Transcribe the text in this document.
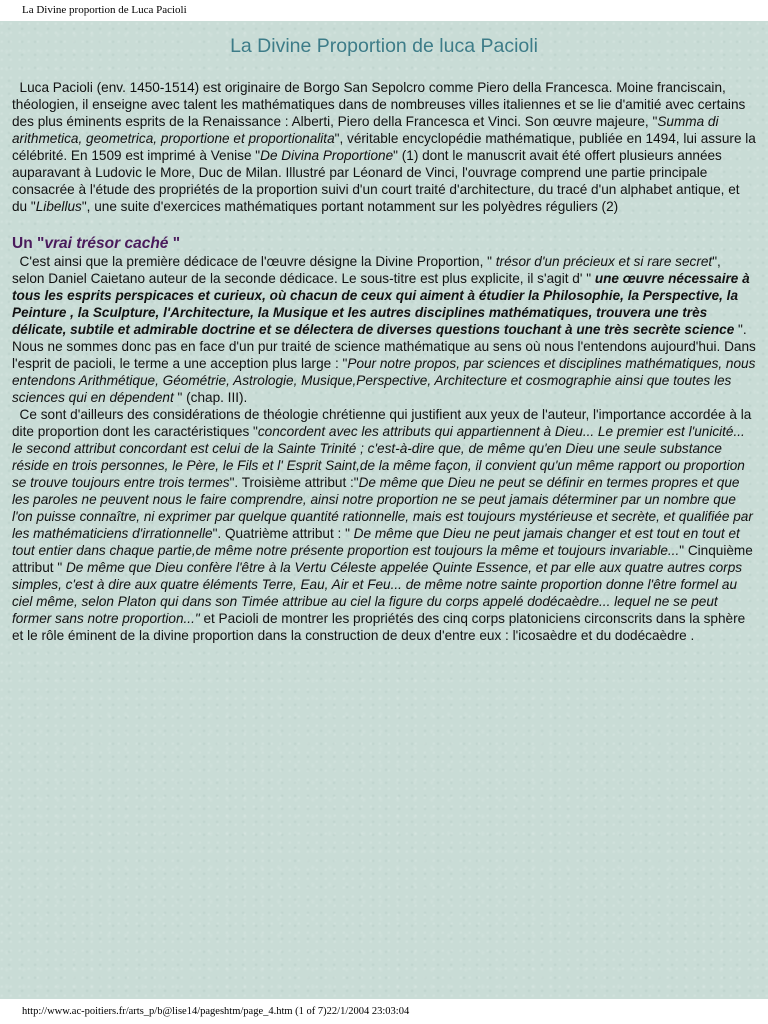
La Divine proportion de Luca Pacioli
La Divine Proportion de luca Pacioli

Luca Pacioli (env. 1450-1514) est originaire de Borgo San Sepolcro comme Piero della Francesca. Moine franciscain, théologien, il enseigne avec talent les mathématiques dans de nombreuses villes italiennes et se lie d'amitié avec certains des plus éminents esprits de la Renaissance : Alberti, Piero della Francesca et Vinci. Son œuvre majeure, "Summa di arithmetica, geometrica, proportione et proportionalita", véritable encyclopédie mathématique, publiée en 1494, lui assure la célébrité. En 1509 est imprimé à Venise "De Divina Proportione" (1) dont le manuscrit avait été offert plusieurs années auparavant à Ludovic le More, Duc de Milan. Illustré par Léonard de Vinci, l'ouvrage comprend une partie principale consacrée à l'étude des propriétés de la proportion suivi d'un court traité d'architecture, du tracé d'un alphabet antique, et du "Libellus", une suite d'exercices mathématiques portant notamment sur les polyèdres réguliers (2)

Un "vrai trésor caché "

C'est ainsi que la première dédicace de l'œuvre désigne la Divine Proportion, " trésor d'un précieux et si rare secret", selon Daniel Caietano auteur de la seconde dédicace. Le sous-titre est plus explicite, il s'agit d' " une œuvre nécessaire à tous les esprits perspicaces et curieux, où chacun de ceux qui aiment à étudier la Philosophie, la Perspective, la Peinture , la Sculpture, l'Architecture, la Musique et les autres disciplines mathématiques, trouvera une très délicate, subtile et admirable doctrine et se délectera de diverses questions touchant à une très secrète science ". Nous ne sommes donc pas en face d'un pur traité de science mathématique au sens où nous l'entendons aujourd'hui. Dans l'esprit de pacioli, le terme a une acception plus large : "Pour notre propos, par sciences et disciplines mathématiques, nous entendons Arithmétique, Géométrie, Astrologie, Musique,Perspective, Architecture et cosmographie ainsi que toutes les sciences qui en dépendent " (chap. III).

Ce sont d'ailleurs des considérations de théologie chrétienne qui justifient aux yeux de l'auteur, l'importance accordée à la dite proportion dont les caractéristiques "concordent avec les attributs qui appartiennent à Dieu... Le premier est l'unicité... le second attribut concordant est celui de la Sainte Trinité ; c'est-à-dire que, de même qu'en Dieu une seule substance réside en trois personnes, le Père, le Fils et l' Esprit Saint,de la même façon, il convient qu'un même rapport ou proportion se trouve toujours entre trois termes". Troisième attribut :"De même que Dieu ne peut se définir en termes propres et que les paroles ne peuvent nous le faire comprendre, ainsi notre proportion ne se peut jamais déterminer par un nombre que l'on puisse connaître, ni exprimer par quelque quantité rationnelle, mais est toujours mystérieuse et secrète, et qualifiée par les mathématiciens d'irrationnelle". Quatrième attribut : " De même que Dieu ne peut jamais changer et est tout en tout et tout entier dans chaque partie,de même notre présente proportion est toujours la même et toujours invariable..." Cinquième attribut " De même que Dieu confère l'être à la Vertu Céleste appelée Quinte Essence, et par elle aux quatre autres corps simples, c'est à dire aux quatre éléments Terre, Eau, Air et Feu... de même notre sainte proportion donne l'être formel au ciel même, selon Platon qui dans son Timée attribue au ciel la figure du corps appelé dodécaèdre... lequel ne se peut former sans notre proportion..." et Pacioli de montrer les propriétés des cinq corps platoniciens circonscrits dans la sphère et le rôle éminent de la divine proportion dans la construction de deux d'entre eux : l'icosaèdre et du dodécaèdre .

http://www.ac-poitiers.fr/arts_p/b@lise14/pageshtm/page_4.htm (1 of 7)22/1/2004 23:03:04
